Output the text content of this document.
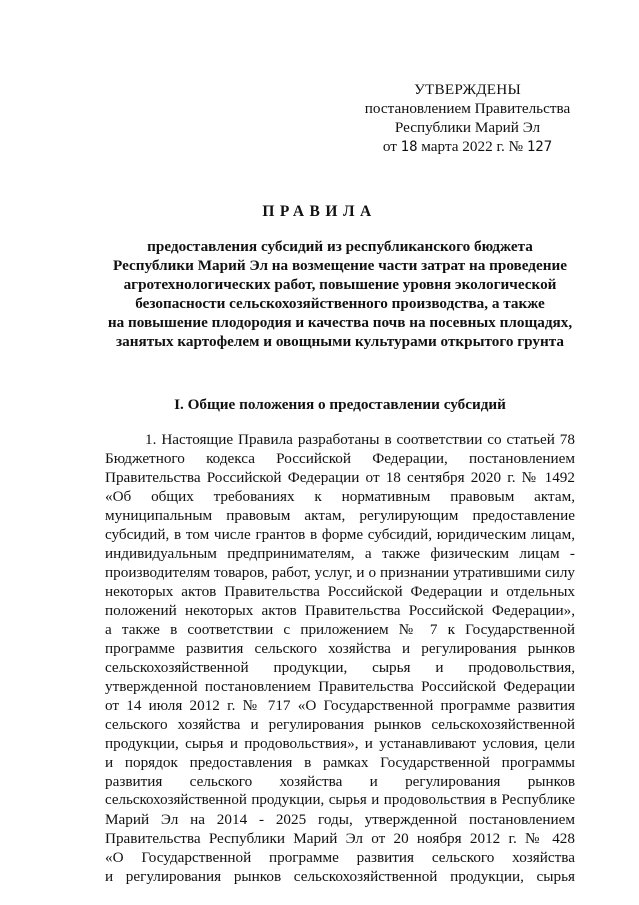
УТВЕРЖДЕНЫ
постановлением Правительства
Республики Марий Эл
от 18 марта 2022 г. № 127
ПРАВИЛА
предоставления субсидий из республиканского бюджета
Республики Марий Эл на возмещение части затрат на проведение
агротехнологических работ, повышение уровня экологической
безопасности сельскохозяйственного производства, а также
на повышение плодородия и качества почв на посевных площадях,
занятых картофелем и овощными культурами открытого грунта
I. Общие положения о предоставлении субсидий
1. Настоящие Правила разработаны в соответствии со статьей 78
Бюджетного кодекса Российской Федерации, постановлением
Правительства Российской Федерации от 18 сентября 2020 г. № 1492
«Об общих требованиях к нормативным правовым актам,
муниципальным правовым актам, регулирующим предоставление
субсидий, в том числе грантов в форме субсидий, юридическим лицам,
индивидуальным предпринимателям, а также физическим лицам -
производителям товаров, работ, услуг, и о признании утратившими силу
некоторых актов Правительства Российской Федерации и отдельных
положений некоторых актов Правительства Российской Федерации»,
а также в соответствии с приложением № 7 к Государственной
программе развития сельского хозяйства и регулирования рынков
сельскохозяйственной продукции, сырья и продовольствия,
утвержденной постановлением Правительства Российской Федерации
от 14 июля 2012 г. № 717 «О Государственной программе развития
сельского хозяйства и регулирования рынков сельскохозяйственной
продукции, сырья и продовольствия», и устанавливают условия, цели
и порядок предоставления в рамках Государственной программы
развития сельского хозяйства и регулирования рынков
сельскохозяйственной продукции, сырья и продовольствия в Республике
Марий Эл на 2014 - 2025 годы, утвержденной постановлением
Правительства Республики Марий Эл от 20 ноября 2012 г. № 428
«О Государственной программе развития сельского хозяйства
и регулирования рынков сельскохозяйственной продукции, сырья
